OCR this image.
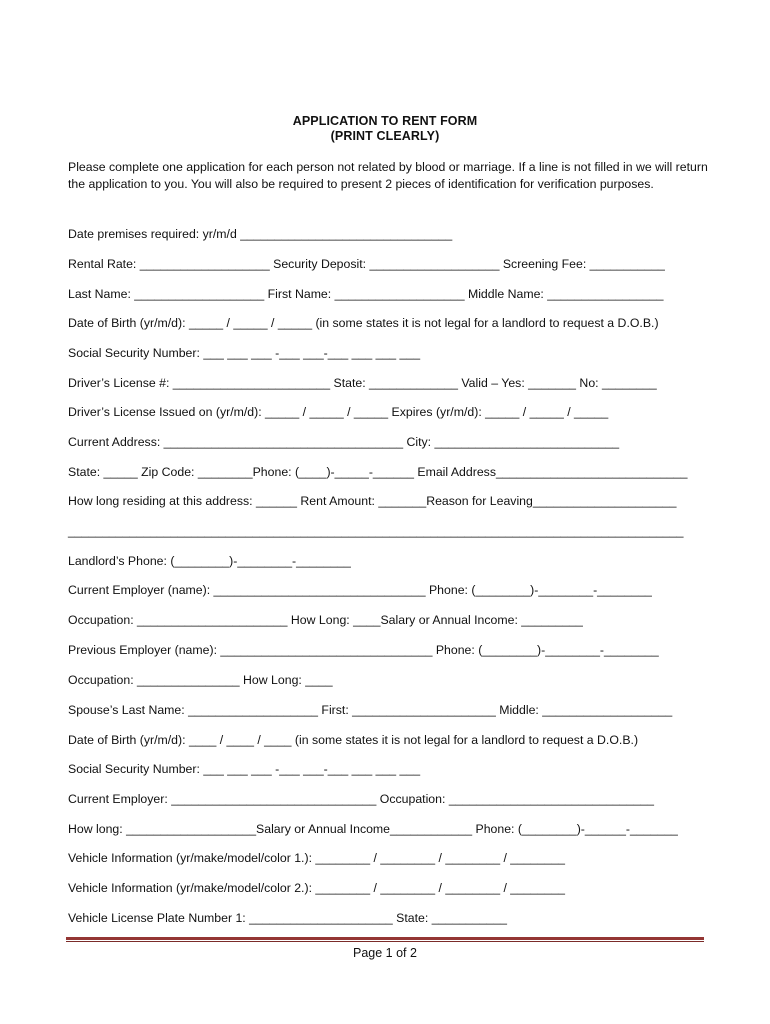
APPLICATION TO RENT FORM
(PRINT CLEARLY)
Please complete one application for each person not related by blood or marriage. If a line is not filled in we will return the application to you. You will also be required to present 2 pieces of identification for verification purposes.
Date premises required: yr/m/d _______________________________
Rental Rate: ___________________ Security Deposit: ___________________ Screening Fee: ___________
Last Name: ___________________ First Name: ___________________ Middle Name: _________________
Date of Birth (yr/m/d): _____ / _____ / _____ (in some states it is not legal for a landlord to request a D.O.B.)
Social Security Number: ___ ___ ___ -___ ___-___ ___ ___ ___
Driver’s License #: _______________________ State: _____________ Valid – Yes: _______ No: ________
Driver’s License Issued on (yr/m/d): _____ / _____ / _____ Expires (yr/m/d): _____ / _____ / _____
Current Address: ___________________________________ City: ___________________________
State: _____ Zip Code: ________Phone: (____)-_____-______ Email Address____________________________
How long residing at this address: ______ Rent Amount: _______Reason for Leaving_____________________
__________________________________________________________________________________________
Landlord’s Phone: (________)-________-________
Current Employer (name): _______________________________ Phone: (________)-________-________
Occupation: ______________________ How Long: ____Salary or Annual Income: _________
Previous Employer (name): _______________________________ Phone: (________)-________-________
Occupation: _______________ How Long: ____
Spouse’s Last Name: ___________________ First: _____________________ Middle: ___________________
Date of Birth (yr/m/d): ____ / ____ / ____ (in some states it is not legal for a landlord to request a D.O.B.)
Social Security Number: ___ ___ ___ -___ ___-___ ___ ___ ___
Current Employer: ______________________________ Occupation: ______________________________
How long: ___________________Salary or Annual Income____________ Phone: (________)-______-_______
Vehicle Information (yr/make/model/color 1.): ________ / ________ / ________ / ________
Vehicle Information (yr/make/model/color 2.): ________ / ________ / ________ / ________
Vehicle License Plate Number 1: _____________________ State: ___________
Page 1 of 2
